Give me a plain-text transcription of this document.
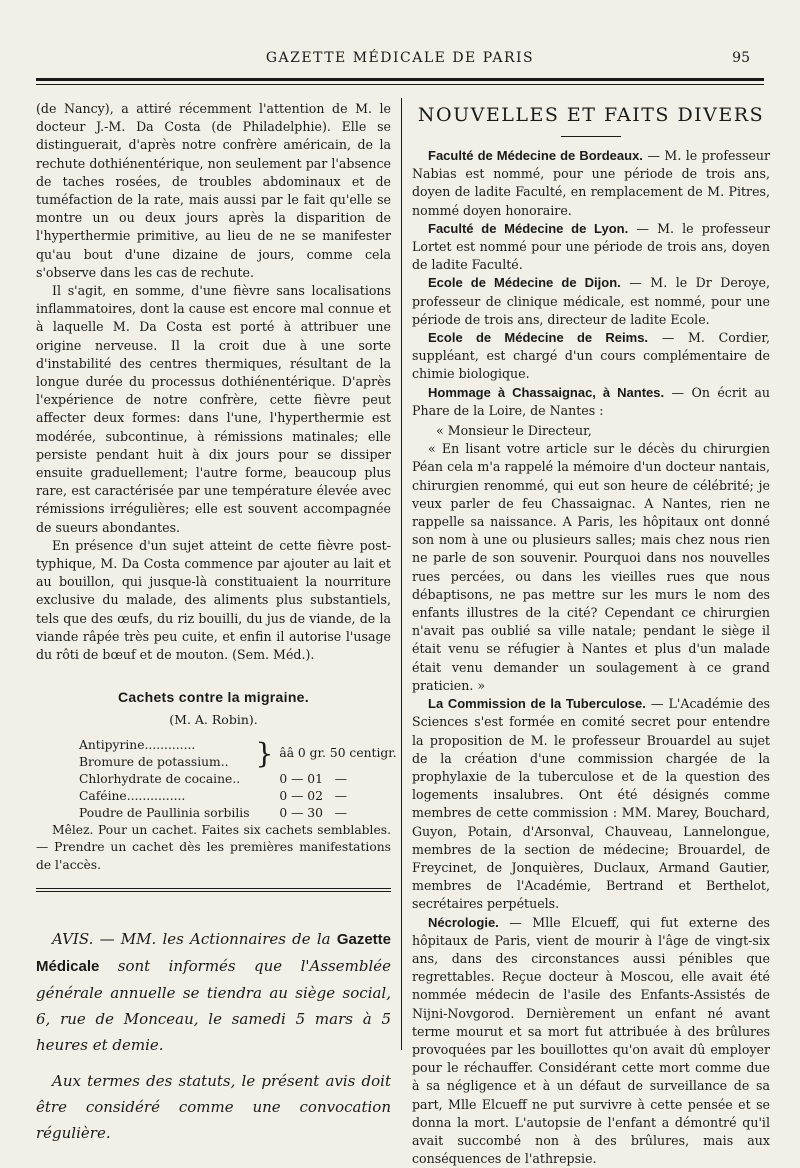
GAZETTE MÉDICALE DE PARIS	95

(de Nancy), a attiré récemment l'attention de M. le docteur J.-M. Da Costa (de Philadelphie). Elle se distinguerait, d'après notre confrère américain, de la rechute dothiénentérique, non seulement par l'absence de taches rosées, de troubles abdominaux et de tuméfaction de la rate, mais aussi par le fait qu'elle se montre un ou deux jours après la disparition de l'hyperthermie primitive, au lieu de ne se manifester qu'au bout d'une dizaine de jours, comme cela s'observe dans les cas de rechute.

Il s'agit, en somme, d'une fièvre sans localisations inflammatoires, dont la cause est encore mal connue et à laquelle M. Da Costa est porté à attribuer une origine nerveuse. Il la croit due à une sorte d'instabilité des centres thermiques, résultant de la longue durée du processus dothiénentérique. D'après l'expérience de notre confrère, cette fièvre peut affecter deux formes: dans l'une, l'hyperthermie est modérée, subcontinue, à rémissions matinales; elle persiste pendant huit à dix jours pour se dissiper ensuite graduellement; l'autre forme, beaucoup plus rare, est caractérisée par une température élevée avec rémissions irrégulières; elle est souvent accompagnée de sueurs abondantes.

En présence d'un sujet atteint de cette fièvre post-typhique, M. Da Costa commence par ajouter au lait et au bouillon, qui jusque-là constituaient la nourriture exclusive du malade, des aliments plus substantiels, tels que des œufs, du riz bouilli, du jus de viande, de la viande râpée très peu cuite, et enfin il autorise l'usage du rôti de bœuf et de mouton. (Sem. Méd.).

Cachets contre la migraine.
(M. A. Robin).
Antipyrine.............	}	ââ 0 gr. 50 centigr.
Bromure de potassium..		
Chlorhydrate de cocaine..		0 — 01 —
Caféine...............		0 — 02 —
Poudre de Paullinia sorbilis		0 — 30 —

Mêlez. Pour un cachet. Faites six cachets semblables. — Prendre un cachet dès les premières manifestations de l'accès.

AVIS. — MM. les Actionnaires de la Gazette Médicale sont informés que l'Assemblée générale annuelle se tiendra au siège social, 6, rue de Monceau, le samedi 5 mars à 5 heures et demie.

Aux termes des statuts, le présent avis doit être considéré comme une convocation régulière.

NOUVELLES ET FAITS DIVERS

Faculté de Médecine de Bordeaux. — M. le professeur Nabias est nommé, pour une période de trois ans, doyen de ladite Faculté, en remplacement de M. Pitres, nommé doyen honoraire.

Faculté de Médecine de Lyon. — M. le professeur Lortet est nommé pour une période de trois ans, doyen de ladite Faculté.

Ecole de Médecine de Dijon. — M. le Dr Deroye, professeur de clinique médicale, est nommé, pour une période de trois ans, directeur de ladite Ecole.

Ecole de Médecine de Reims. — M. Cordier, suppléant, est chargé d'un cours complémentaire de chimie biologique.

Hommage à Chassaignac, à Nantes. — On écrit au Phare de la Loire, de Nantes :

« Monsieur le Directeur,

« En lisant votre article sur le décès du chirurgien Péan cela m'a rappelé la mémoire d'un docteur nantais, chirurgien renommé, qui eut son heure de célébrité; je veux parler de feu Chassaignac. A Nantes, rien ne rappelle sa naissance. A Paris, les hôpitaux ont donné son nom à une ou plusieurs salles; mais chez nous rien ne parle de son souvenir. Pourquoi dans nos nouvelles rues percées, ou dans les vieilles rues que nous débaptisons, ne pas mettre sur les murs le nom des enfants illustres de la cité? Cependant ce chirurgien n'avait pas oublié sa ville natale; pendant le siège il était venu se réfugier à Nantes et plus d'un malade était venu demander un soulagement à ce grand praticien. »

La Commission de la Tuberculose. — L'Académie des Sciences s'est formée en comité secret pour entendre la proposition de M. le professeur Brouardel au sujet de la création d'une commission chargée de la prophylaxie de la tuberculose et de la question des logements insalubres. Ont été désignés comme membres de cette commission : MM. Marey, Bouchard, Guyon, Potain, d'Arsonval, Chauveau, Lannelongue, membres de la section de médecine; Brouardel, de Freycinet, de Jonquières, Duclaux, Armand Gautier, membres de l'Académie, Bertrand et Berthelot, secrétaires perpétuels.

Nécrologie. — Mlle Elcueff, qui fut externe des hôpitaux de Paris, vient de mourir à l'âge de vingt-six ans, dans des circonstances aussi pénibles que regrettables. Reçue docteur à Moscou, elle avait été nommée médecin de l'asile des Enfants-Assistés de Nijni-Novgorod. Dernièrement un enfant né avant terme mourut et sa mort fut attribuée à des brûlures provoquées par les bouillottes qu'on avait dû employer pour le réchauffer. Considérant cette mort comme due à sa négligence et à un défaut de surveillance de sa part, Mlle Elcueff ne put survivre à cette pensée et se donna la mort. L'autopsie de l'enfant a démontré qu'il avait succombé non à des brûlures, mais aux conséquences de l'athrepsie.
